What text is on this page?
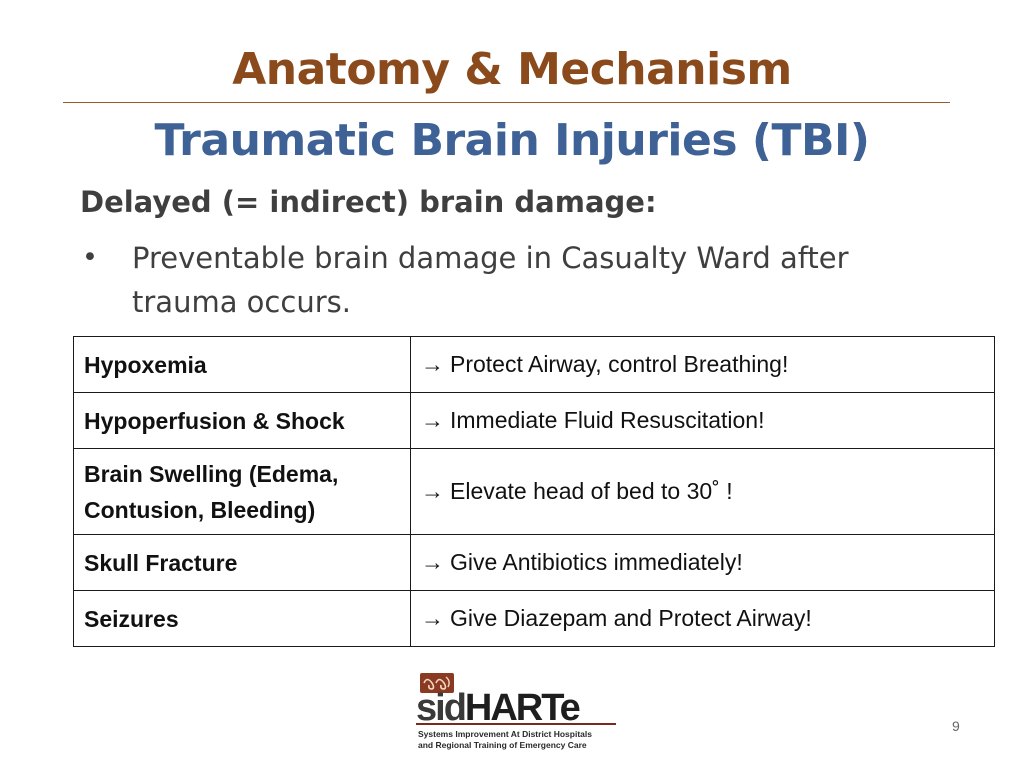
Anatomy & Mechanism
Traumatic Brain Injuries (TBI)
Delayed (= indirect) brain damage:
• Preventable brain damage in Casualty Ward after trauma occurs.
Hypoxemia	→ Protect Airway, control Breathing!
Hypoperfusion & Shock	→ Immediate Fluid Resuscitation!
Brain Swelling (Edema, Contusion, Bleeding)	→ Elevate head of bed to 30˚ !
Skull Fracture	→ Give Antibiotics immediately!
Seizures	→ Give Diazepam and Protect Airway!
sidHARTe
Systems Improvement At District Hospitals
and Regional Training of Emergency Care
9
